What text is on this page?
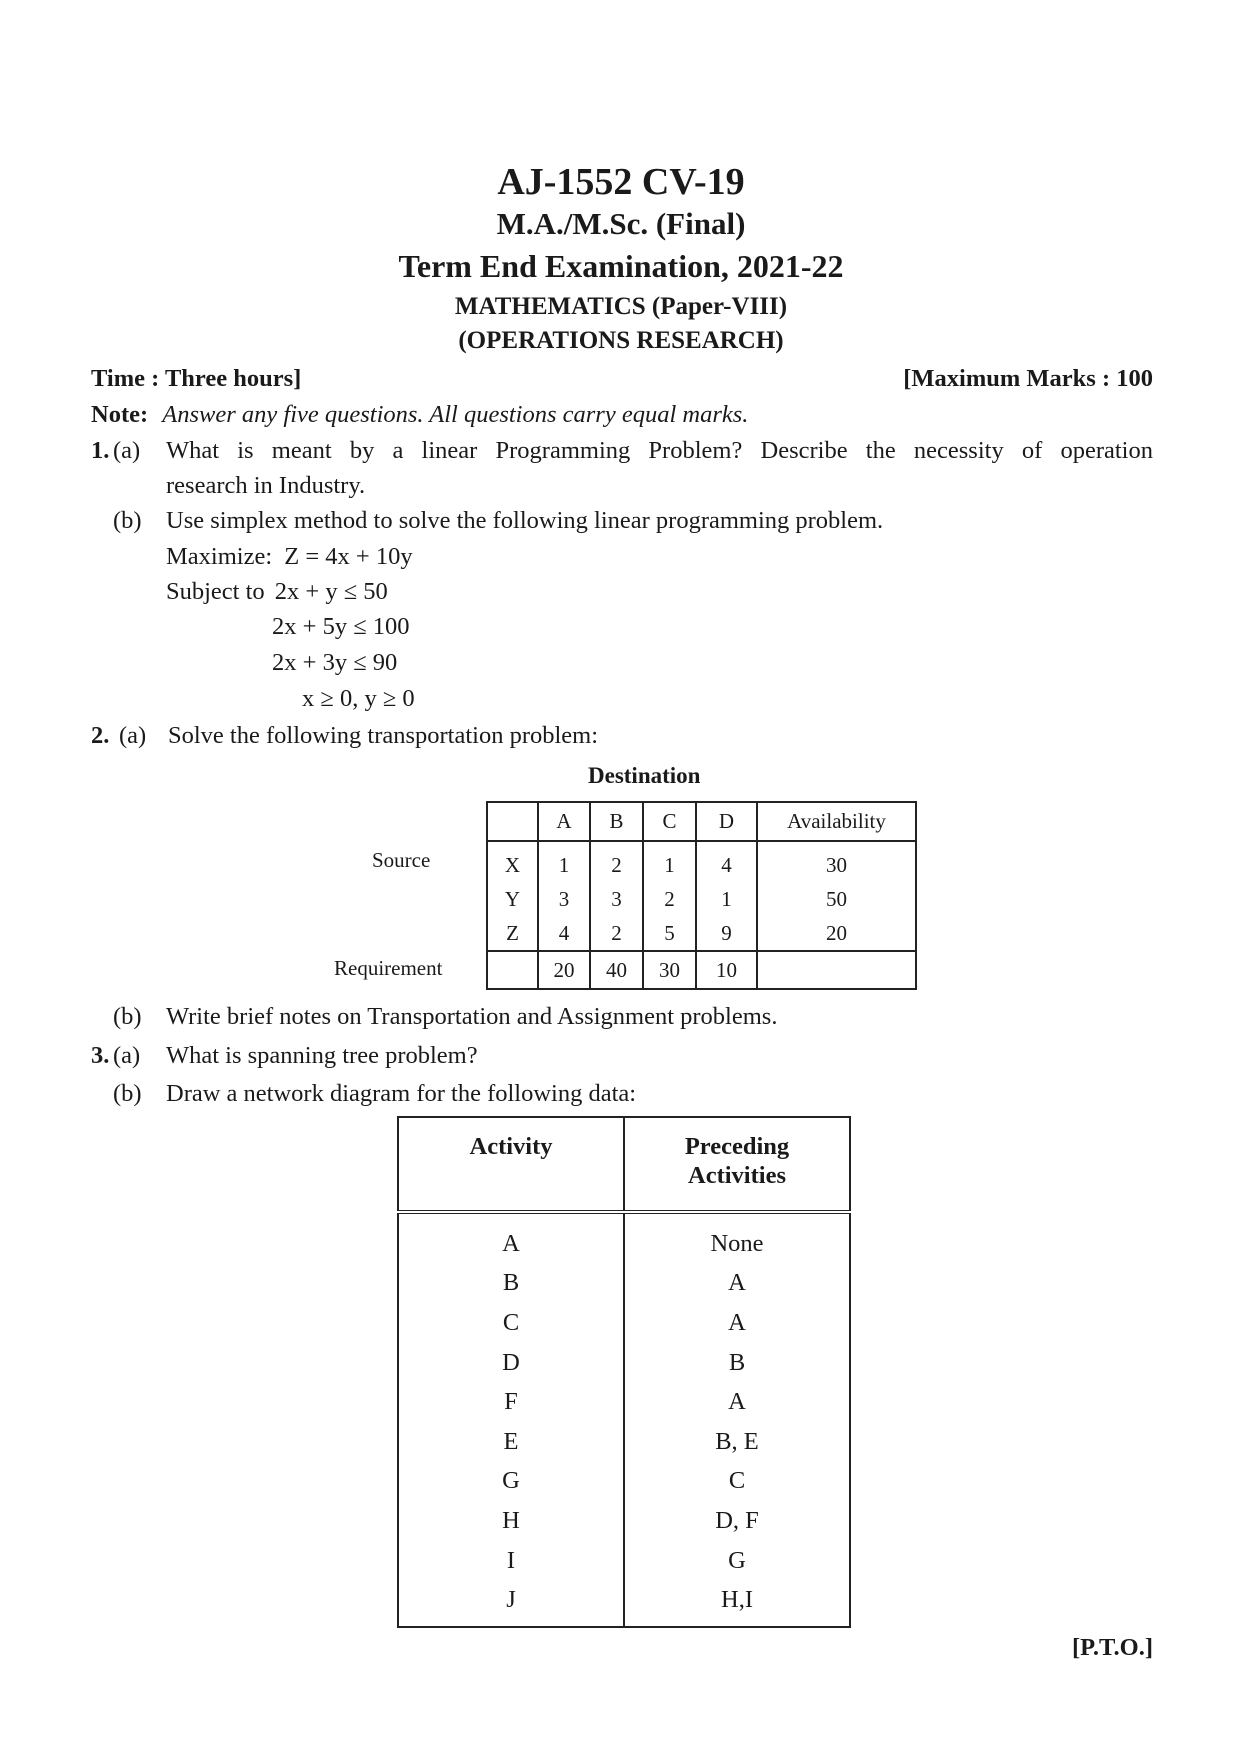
AJ-1552 CV-19
M.A./M.Sc. (Final)
Term End Examination, 2021-22
MATHEMATICS (Paper-VIII)
(OPERATIONS RESEARCH)
Time : Three hours]	[Maximum Marks : 100
Note: Answer any five questions. All questions carry equal marks.
1. (a) What is meant by a linear Programming Problem? Describe the necessity of operation
research in Industry.
(b) Use simplex method to solve the following linear programming problem.
Maximize: Z = 4x + 10y
Subject to 2x + y ≤ 50
2x + 5y ≤ 100
2x + 3y ≤ 90
x ≥ 0, y ≥ 0
2. (a) Solve the following transportation problem:
Destination
Source
Requirement
	A	B	C	D	Availability
X	1	2	1	4	30
Y	3	3	2	1	50
Z	4	2	5	9	20
	20	40	30	10	
(b) Write brief notes on Transportation and Assignment problems.
3. (a) What is spanning tree problem?
(b) Draw a network diagram for the following data:
Activity	Preceding
Activities

A	None
B	A
C	A
D	B
F	A
E	B, E
G	C
H	D, F
I	G
J	H,I
[P.T.O.]
